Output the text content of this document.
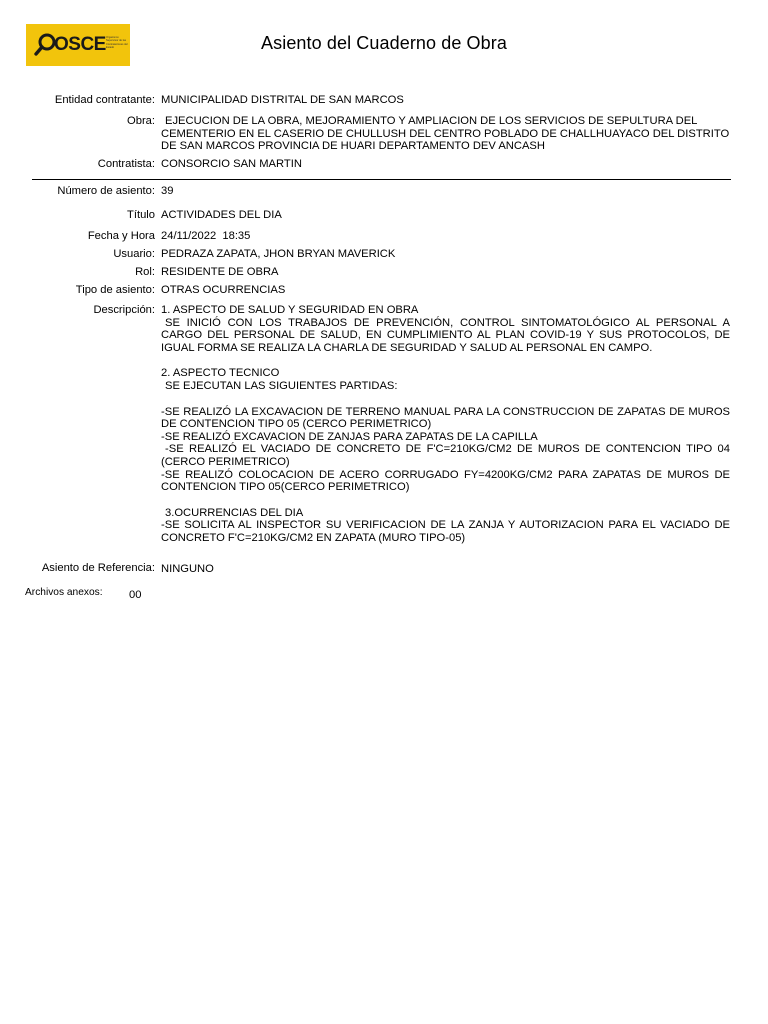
OSCE Organismo Supervisor de las Contrataciones del Estado	Asiento del Cuaderno de Obra
Entidad contratante: MUNICIPALIDAD DISTRITAL DE SAN MARCOS
Obra: EJECUCION DE LA OBRA, MEJORAMIENTO Y AMPLIACION DE LOS SERVICIOS DE SEPULTURA DEL CEMENTERIO EN EL CASERIO DE CHULLUSH DEL CENTRO POBLADO DE CHALLHUAYACO DEL DISTRITO DE SAN MARCOS PROVINCIA DE HUARI DEPARTAMENTO DEV ANCASH
Contratista: CONSORCIO SAN MARTIN
Número de asiento: 39
Título ACTIVIDADES DEL DIA
Fecha y Hora 24/11/2022  18:35
Usuario: PEDRAZA ZAPATA, JHON BRYAN MAVERICK
Rol: RESIDENTE DE OBRA
Tipo de asiento: OTRAS OCURRENCIAS
Descripción: 1. ASPECTO DE SALUD Y SEGURIDAD EN OBRA
SE INICIÓ CON LOS TRABAJOS DE PREVENCIÓN, CONTROL SINTOMATOLÓGICO AL PERSONAL A CARGO DEL PERSONAL DE SALUD, EN CUMPLIMIENTO AL PLAN COVID-19 Y SUS PROTOCOLOS, DE IGUAL FORMA SE REALIZA LA CHARLA DE SEGURIDAD Y SALUD AL PERSONAL EN CAMPO.
2. ASPECTO TECNICO
SE EJECUTAN LAS SIGUIENTES PARTIDAS:
-SE REALIZÓ LA EXCAVACION DE TERRENO MANUAL PARA LA CONSTRUCCION DE ZAPATAS DE MUROS DE CONTENCION TIPO 05 (CERCO PERIMETRICO)
-SE REALIZÓ EXCAVACION DE ZANJAS PARA ZAPATAS DE LA CAPILLA
-SE REALIZÓ EL VACIADO DE CONCRETO DE F'C=210KG/CM2 DE MUROS DE CONTENCION TIPO 04 (CERCO PERIMETRICO)
-SE REALIZÓ COLOCACION DE ACERO CORRUGADO FY=4200KG/CM2 PARA ZAPATAS DE MUROS DE CONTENCION TIPO 05(CERCO PERIMETRICO)
3.OCURRENCIAS DEL DIA
-SE SOLICITA AL INSPECTOR SU VERIFICACION DE LA ZANJA Y AUTORIZACION PARA EL VACIADO DE CONCRETO F'C=210KG/CM2 EN ZAPATA (MURO TIPO-05)
Asiento de Referencia: NINGUNO
Archivos anexos: 00
